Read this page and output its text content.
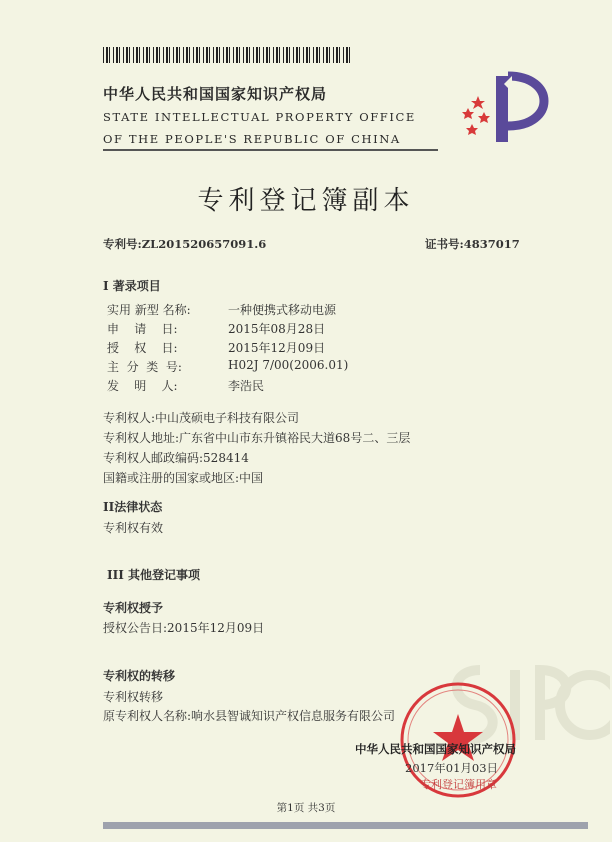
中华人民共和国国家知识产权局
STATE INTELLECTUAL PROPERTY OFFICE
OF THE PEOPLE'S REPUBLIC OF CHINA
专利登记簿副本
专利号:ZL201520657091.6	证书号:4837017
I 著录项目
实用 新型 名称:	一种便携式移动电源
申    请    日:	2015年08月28日
授    权    日:	2015年12月09日
主  分  类  号:	H02J 7/00(2006.01)
发    明    人:	李浩民
专利权人:中山茂硕电子科技有限公司
专利权人地址:广东省中山市东升镇裕民大道68号二、三层
专利权人邮政编码:528414
国籍或注册的国家或地区:中国
II法律状态
专利权有效
III 其他登记事项
专利权授予
授权公告日:2015年12月09日
专利权的转移
专利权转移
原专利权人名称:响水县智诚知识产权信息服务有限公司
中华人民共和国国家知识产权局
2017年01月03日
专利登记簿用章
第1页 共3页
